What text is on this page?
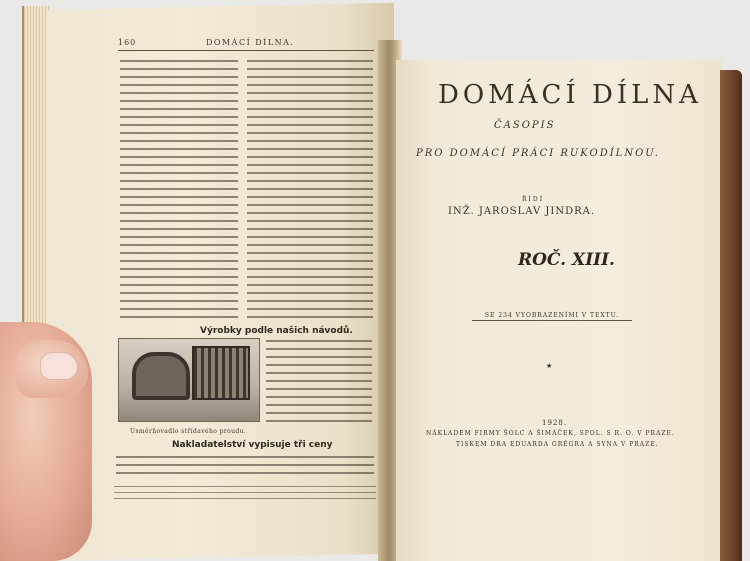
160	DOMÁCÍ DÍLNA.
Výrobky podle našich návodů.
Usměrňovadlo střídavého proudu.
Nakladatelství vypisuje tři ceny
DOMÁCÍ DÍLNA
ČASOPIS
PRO DOMÁCÍ PRÁCI RUKODÍLNOU.
ŘÍDÍ
INŽ. JAROSLAV JINDRA.
ROČ. XIII.
SE 234 VYOBRAZENÍMI V TEXTU.
★
1928.
NÁKLADEM FIRMY ŠOLC A ŠIMÁČEK, SPOL. S R. O. V PRAZE.
TISKEM DRA EDUARDA GRÉGRA A SYNA V PRAZE.
